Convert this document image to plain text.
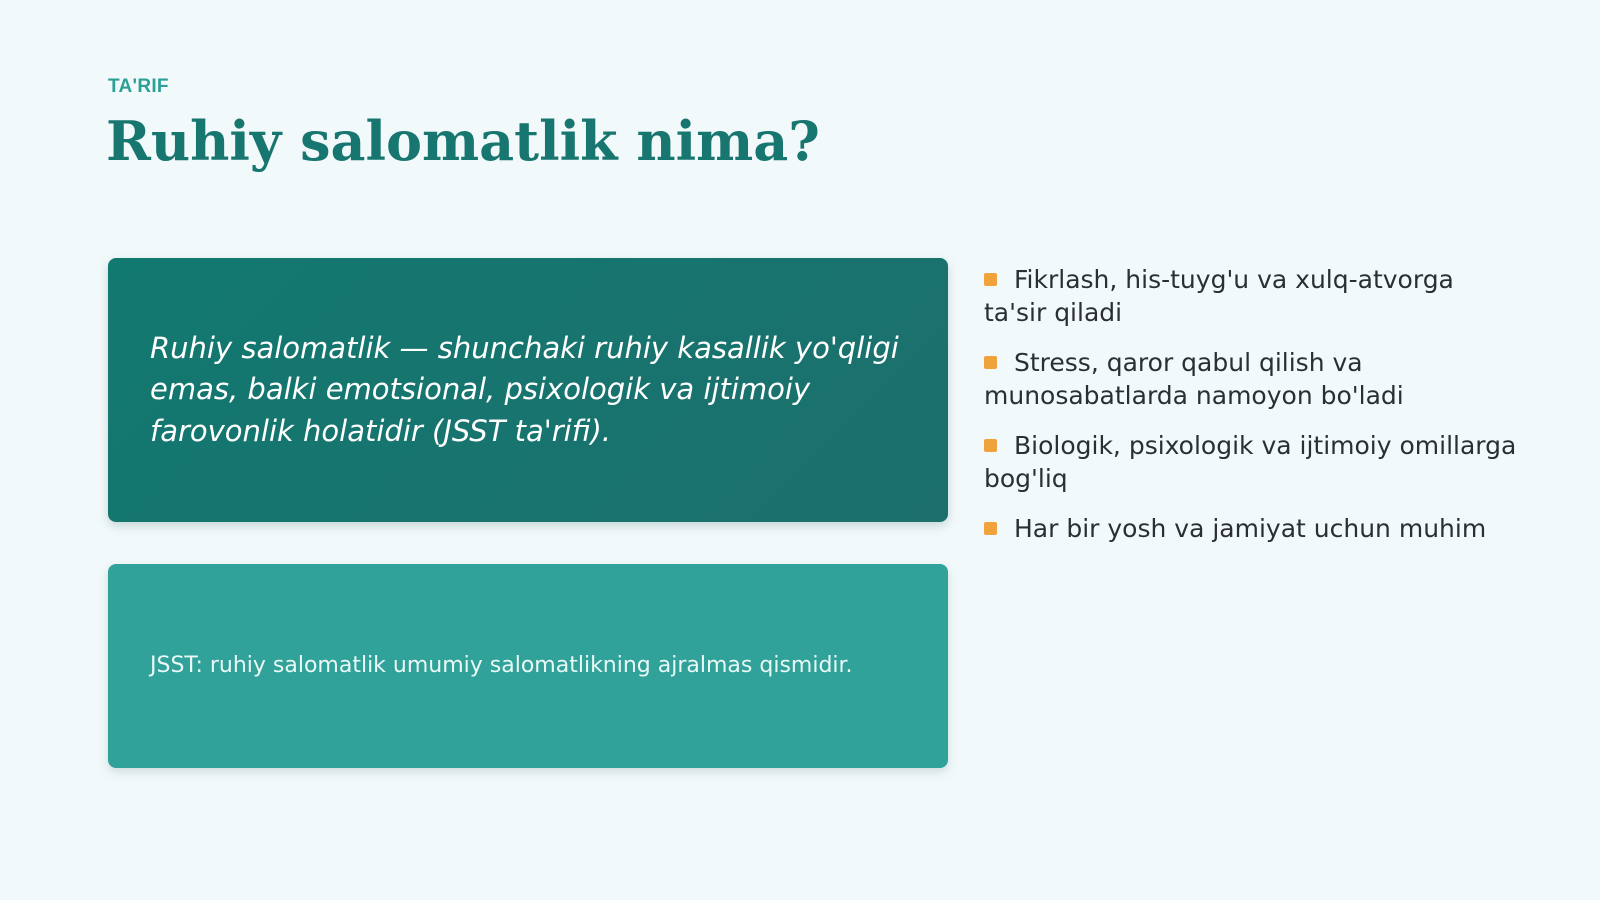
TA'RIF
Ruhiy salomatlik nima?

Ruhiy salomatlik — shunchaki ruhiy kasallik yo'qligi emas, balki emotsional, psixologik va ijtimoiy farovonlik holatidir (JSST ta'rifi).

JSST: ruhiy salomatlik umumiy salomatlikning ajralmas qismidir.

Fikrlash, his-tuyg'u va xulq-atvorga ta'sir qiladi
Stress, qaror qabul qilish va munosabatlarda namoyon bo'ladi
Biologik, psixologik va ijtimoiy omillarga bog'liq
Har bir yosh va jamiyat uchun muhim
